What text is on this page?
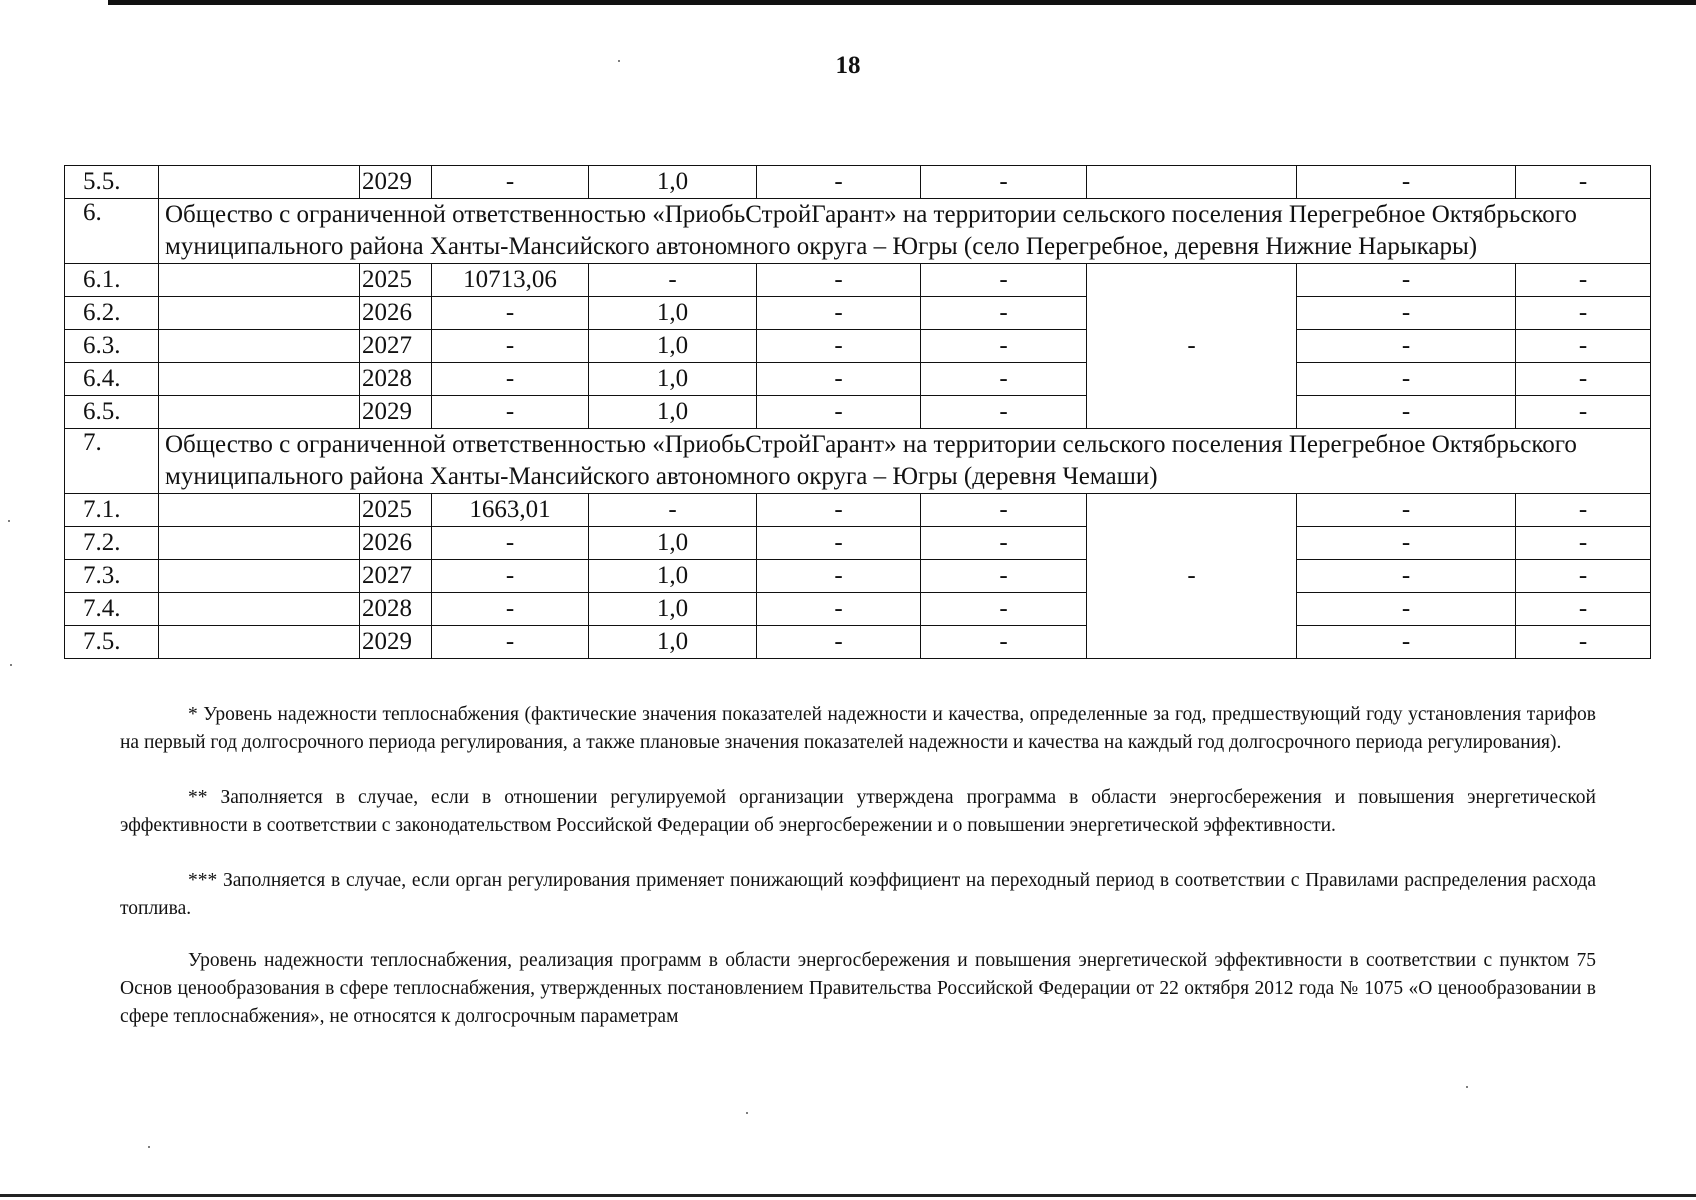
18
5.5.		2029	-	1,0	-	-		-	-
6.	Общество с ограниченной ответственностью «ПриобьСтройГарант» на территории сельского поселения Перегребное Октябрьского муниципального района Ханты-Мансийского автономного округа – Югры (село Перегребное, деревня Нижние Нарыкары)								
6.1.		2025	10713,06	-	-	-	-	-	-
6.2.		2026	-	1,0	-	-		-	-
6.3.		2027	-	1,0	-	-		-	-
6.4.		2028	-	1,0	-	-		-	-
6.5.		2029	-	1,0	-	-		-	-
7.	Общество с ограниченной ответственностью «ПриобьСтройГарант» на территории сельского поселения Перегребное Октябрьского муниципального района Ханты-Мансийского автономного округа – Югры (деревня Чемаши)								
7.1.		2025	1663,01	-	-	-	-	-	-
7.2.		2026	-	1,0	-	-		-	-
7.3.		2027	-	1,0	-	-		-	-
7.4.		2028	-	1,0	-	-		-	-
7.5.		2029	-	1,0	-	-		-	-

* Уровень надежности теплоснабжения (фактические значения показателей надежности и качества, определенные за год, предшествующий году установления тарифов на первый год долгосрочного периода регулирования, а также плановые значения показателей надежности и качества на каждый год долгосрочного периода регулирования).

** Заполняется в случае, если в отношении регулируемой организации утверждена программа в области энергосбережения и повышения энергетической эффективности в соответствии с законодательством Российской Федерации об энергосбережении и о повышении энергетической эффективности.

*** Заполняется в случае, если орган регулирования применяет понижающий коэффициент на переходный период в соответствии с Правилами распределения расхода топлива.

Уровень надежности теплоснабжения, реализация программ в области энергосбережения и повышения энергетической эффективности в соответствии с пунктом 75 Основ ценообразования в сфере теплоснабжения, утвержденных постановлением Правительства Российской Федерации от 22 октября 2012 года № 1075 «О ценообразовании в сфере теплоснабжения», не относятся к долгосрочным параметрам
